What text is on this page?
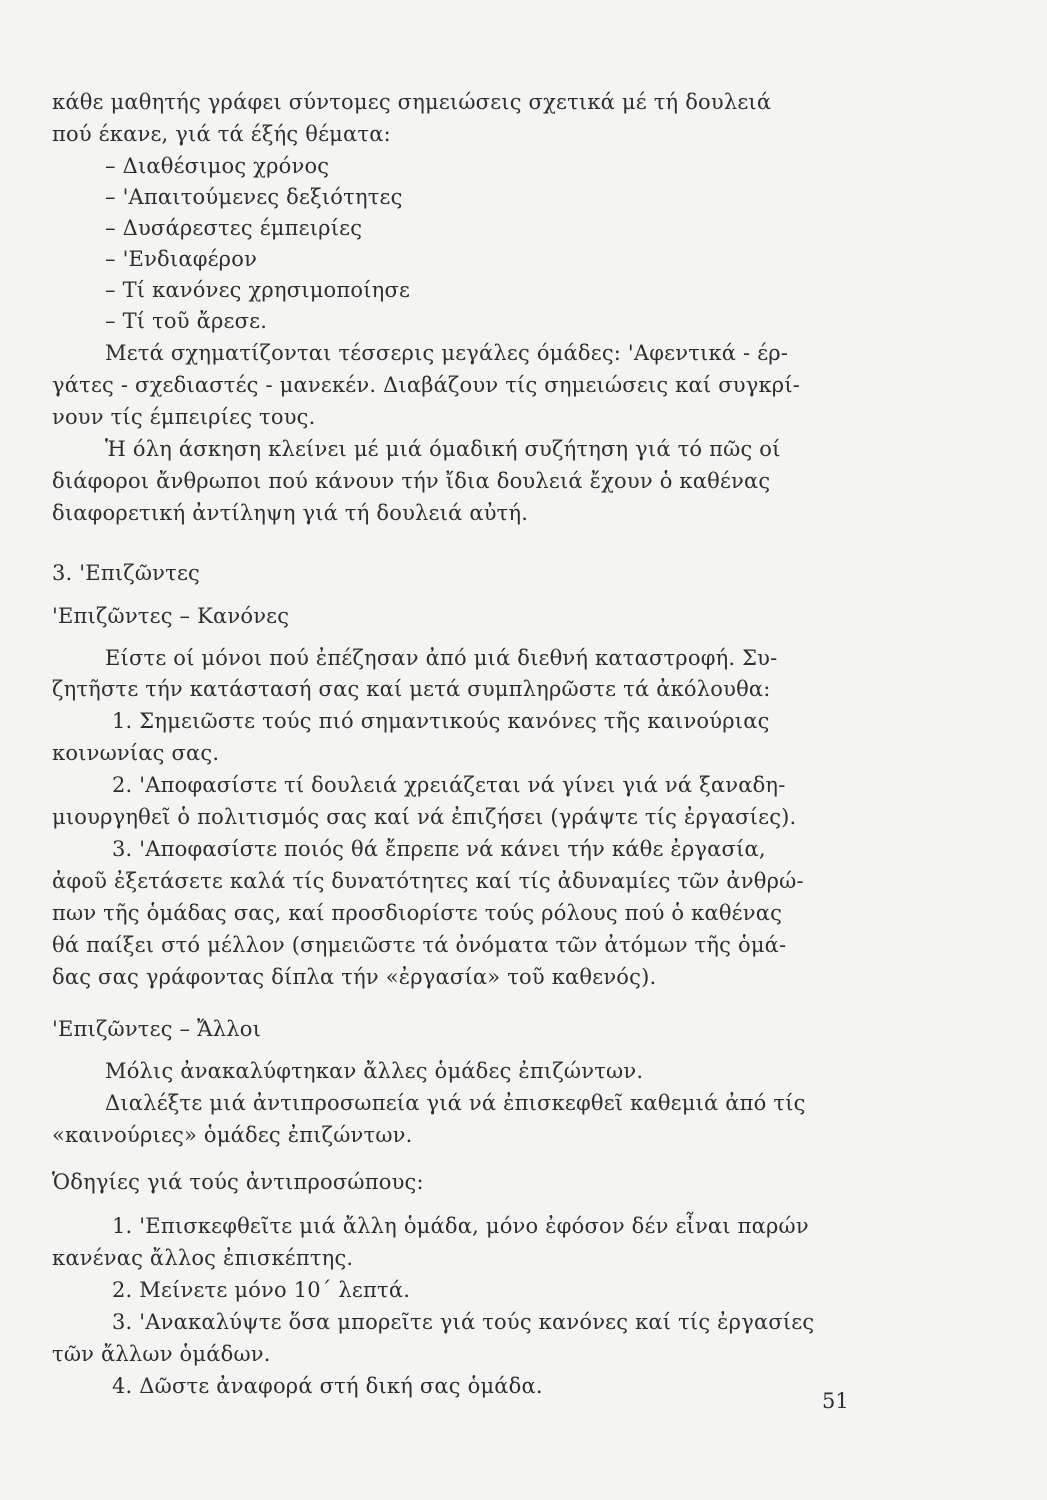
κάθε μαθητής γράφει σύντομες σημειώσεις σχετικά μέ τή δουλειά
πού έκανε, γιά τά έξής θέματα:
– Διαθέσιμος χρόνος
– 'Απαιτούμενες δεξιότητες
– Δυσάρεστες έμπειρίες
– 'Ενδιαφέρον
– Τί κανόνες χρησιμοποίησε
– Τί τοῦ ἄρεσε.
Μετά σχηματίζονται τέσσερις μεγάλες όμάδες: 'Αφεντικά - έρ-
γάτες - σχεδιαστές - μανεκέν. Διαβάζουν τίς σημειώσεις καί συγκρί-
νουν τίς έμπειρίες τους.
Ἡ όλη άσκηση κλείνει μέ μιά όμαδική συζήτηση γιά τό πῶς οί
διάφοροι ἄνθρωποι πού κάνουν τήν ἴδια δουλειά ἔχουν ὁ καθένας
διαφορετική ἀντίληψη γιά τή δουλειά αὐτή.
3. 'Επιζῶντες
'Επιζῶντες – Κανόνες
Είστε οί μόνοι πού ἐπέζησαν ἀπό μιά διεθνή καταστροφή. Συ-
ζητῆστε τήν κατάστασή σας καί μετά συμπληρῶστε τά ἀκόλουθα:
1. Σημειῶστε τούς πιό σημαντικούς κανόνες τῆς καινούριας
κοινωνίας σας.
2. 'Αποφασίστε τί δουλειά χρειάζεται νά γίνει γιά νά ξαναδη-
μιουργηθεῖ ὁ πολιτισμός σας καί νά ἐπιζήσει (γράψτε τίς ἐργασίες).
3. 'Αποφασίστε ποιός θά ἔπρεπε νά κάνει τήν κάθε ἐργασία,
ἀφοῦ ἐξετάσετε καλά τίς δυνατότητες καί τίς ἀδυναμίες τῶν ἀνθρώ-
πων τῆς ὁμάδας σας, καί προσδιορίστε τούς ρόλους πού ὁ καθένας
θά παίξει στό μέλλον (σημειῶστε τά ὀνόματα τῶν ἀτόμων τῆς ὁμά-
δας σας γράφοντας δίπλα τήν «ἐργασία» τοῦ καθενός).
'Επιζῶντες – Ἄλλοι
Μόλις ἀνακαλύφτηκαν ἄλλες ὁμάδες ἐπιζώντων.
Διαλέξτε μιά ἀντιπροσωπεία γιά νά ἐπισκεφθεῖ καθεμιά ἀπό τίς
«καινούριες» ὁμάδες ἐπιζώντων.
Ὁδηγίες γιά τούς ἀντιπροσώπους:
1. 'Επισκεφθεῖτε μιά ἄλλη ὁμάδα, μόνο ἐφόσον δέν εἶναι παρών
κανένας ἄλλος ἐπισκέπτης.
2. Μείνετε μόνο 10΄ λεπτά.
3. 'Ανακαλύψτε ὅσα μπορεῖτε γιά τούς κανόνες καί τίς ἐργασίες
τῶν ἄλλων ὁμάδων.
4. Δῶστε ἀναφορά στή δική σας ὁμάδα.
51
